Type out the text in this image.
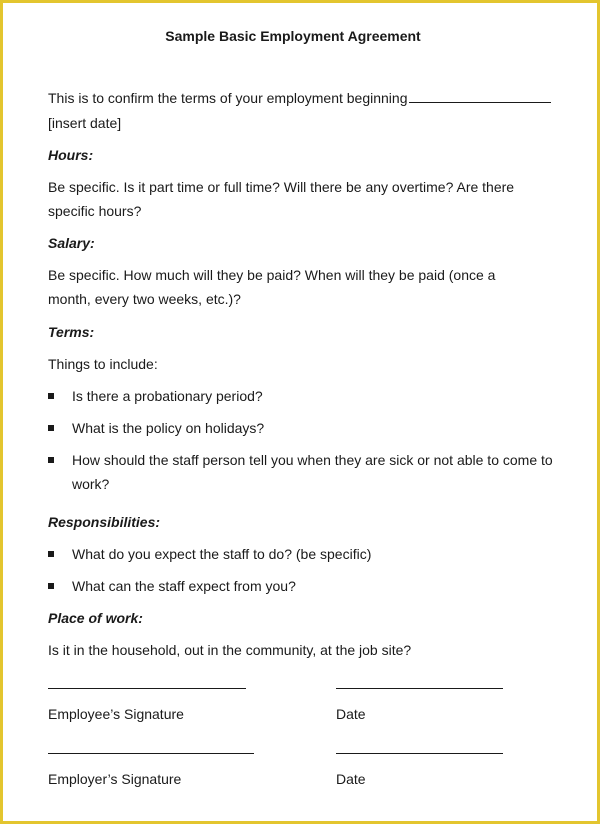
Sample Basic Employment Agreement
This is to confirm the terms of your employment beginning
[insert date]
Hours:
Be specific. Is it part time or full time? Will there be any overtime? Are there
specific hours?
Salary:
Be specific. How much will they be paid? When will they be paid (once a
month, every two weeks, etc.)?
Terms:
Things to include:
Is there a probationary period?
What is the policy on holidays?
How should the staff person tell you when they are sick or not able to come to
work?
Responsibilities:
What do you expect the staff to do? (be specific)
What can the staff expect from you?
Place of work:
Is it in the household, out in the community, at the job site?
Employee’s Signature	Date
Employer’s Signature	Date
